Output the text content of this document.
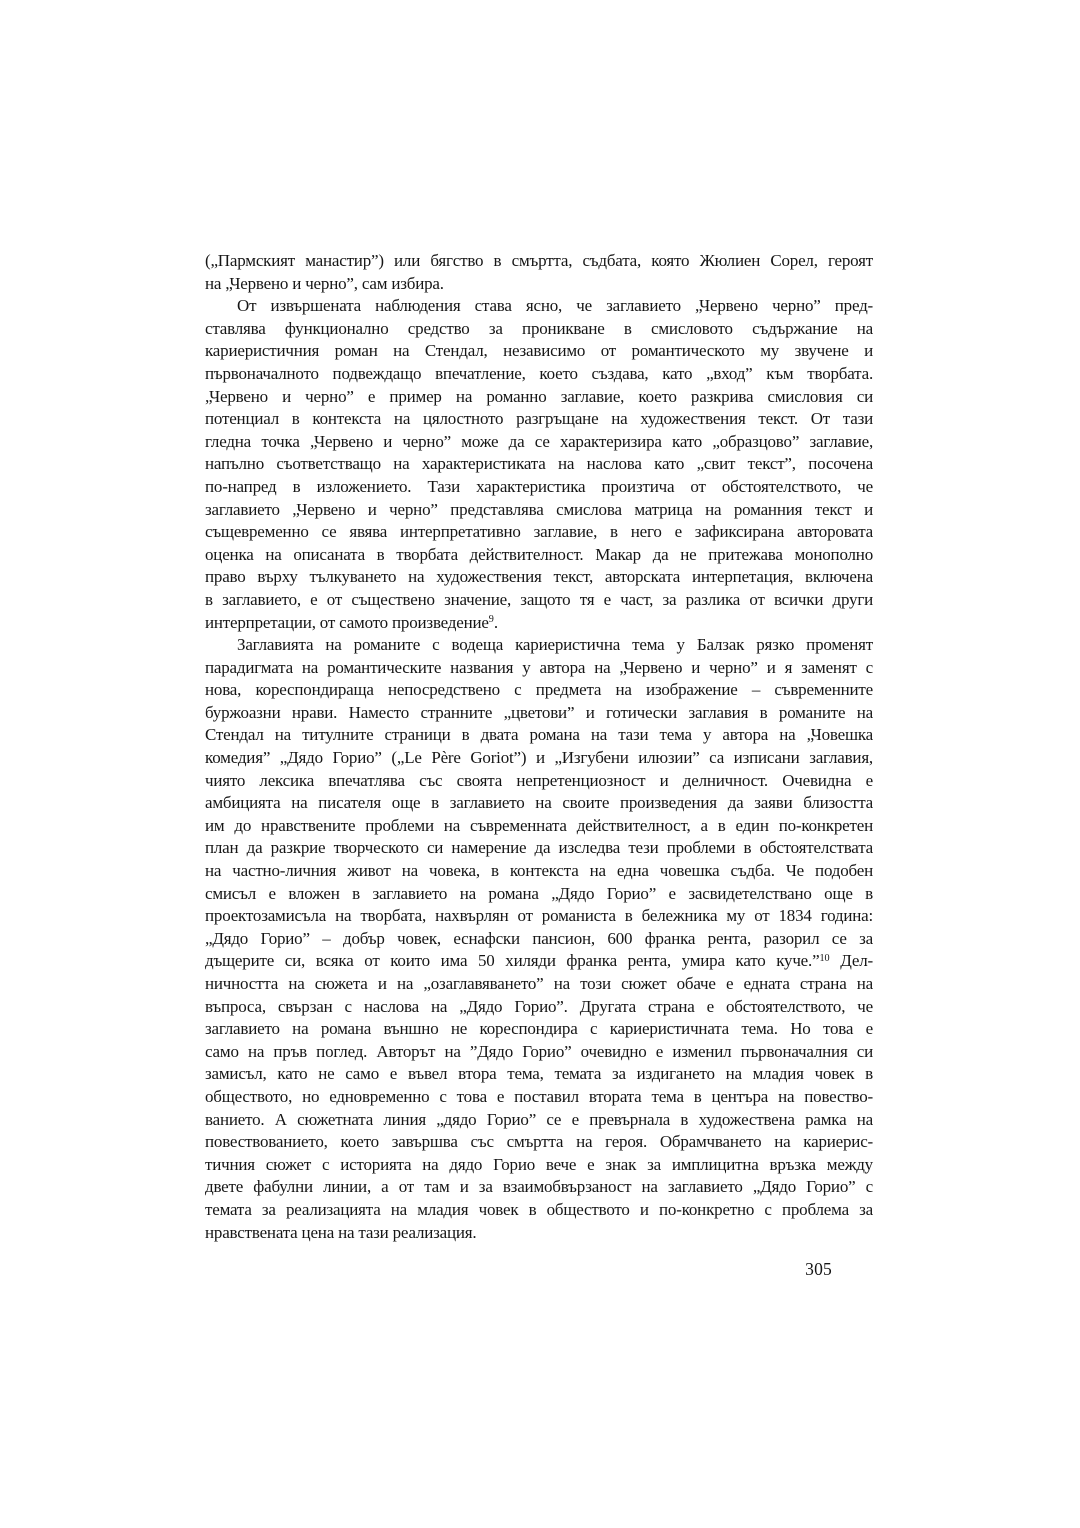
(„Пармският манастир”) или бягство в смъртта, съдбата, която Жюлиен Сорел, героят
на „Червено и черно”, сам избира.
От извършената наблюдения става ясно, че заглавието „Червено черно” пред-
ставлява функционално средство за проникване в смисловото съдържание на
кариеристичния роман на Стендал, независимо от романтическото му звучене и
първоначалното подвеждащо впечатление, което създава, като „вход” към творбата.
„Червено и черно” е пример на романно заглавие, което разкрива смисловия си
потенциал в контекста на цялостното разгръщане на художествения текст. От тази
гледна точка „Червено и черно” може да се характеризира като „образцово” заглавие,
напълно съответстващо на характеристиката на наслова като „свит текст”, посочена
по-напред в изложението. Тази характеристика произтича от обстоятелството, че
заглавието „Червено и черно” представлява смислова матрица на романния текст и
същевременно се явява интерпретативно заглавие, в него е зафиксирана авторовата
оценка на описаната в творбата действителност. Макар да не притежава монополно
право върху тълкуването на художествения текст, авторската интерпетация, включена
в заглавието, е от съществено значение, защото тя е част, за разлика от всички други
интерпретации, от самото произведение$^9$.
Заглавията на романите с водеща кариеристична тема у Балзак рязко променят
парадигмата на романтическите названия у автора на „Червено и черно” и я заменят с
нова, кореспондираща непосредствено с предмета на изображение – съвременните
буржоазни нрави. Наместо странните „цветови” и готически заглавия в романите на
Стендал на титулните страници в двата романа на тази тема у автора на „Човешка
комедия” „Дядо Горио” („Le Père Goriot”) и „Изгубени илюзии” са изписани заглавия,
чиято лексика впечатлява със своята непретенциозност и делничност. Очевидна е
амбицията на писателя още в заглавието на своите произведения да заяви близостта
им до нравствените проблеми на съвременната действителност, а в един по-конкретен
план да разкрие творческото си намерение да изследва тези проблеми в обстоятелствата
на частно-личния живот на човека, в контекста на една човешка съдба. Че подобен
смисъл е вложен в заглавието на романа „Дядо Горио” е засвидетелствано още в
проектозамисъла на творбата, нахвърлян от романиста в бележника му от 1834 година:
„Дядо Горио” – добър човек, еснафски пансион, 600 франка рента, разорил се за
дъщерите си, всяка от които има 50 хиляди франка рента, умира като куче.”$^{10}$ Дел-
ничността на сюжета и на „озаглавяването” на този сюжет обаче е едната страна на
въпроса, свързан с наслова на „Дядо Горио”. Другата страна е обстоятелството, че
заглавието на романа външно не кореспондира с кариеристичната тема. Но това е
само на пръв поглед. Авторът на ”Дядо Горио” очевидно е изменил първоначалния си
замисъл, като не само е въвел втора тема, темата за издигането на младия човек в
обществото, но едновременно с това е поставил втората тема в центъра на повество-
ванието. А сюжетната линия „дядо Горио” се е превърнала в художествена рамка на
повествованието, което завършва със смъртта на героя. Обрамчването на кариерис-
тичния сюжет с историята на дядо Горио вече е знак за имплицитна връзка между
двете фабулни линии, а от там и за взаимобвързаност на заглавието „Дядо Горио” с
темата за реализацията на младия човек в обществото и по-конкретно с проблема за
нравствената цена на тази реализация.
305
